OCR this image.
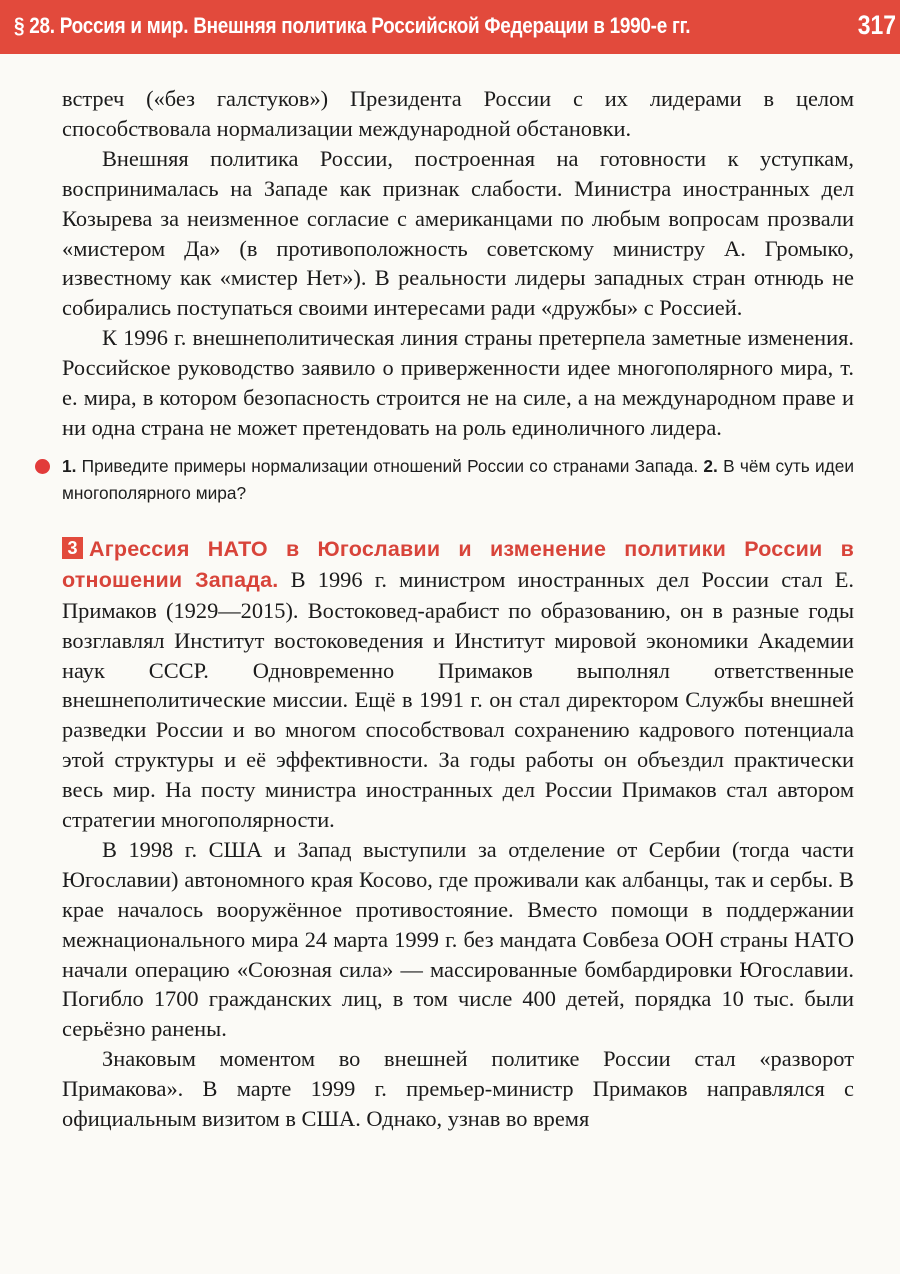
§ 28. Россия и мир. Внешняя политика Российской Федерации в 1990-е гг.	317

встреч («без галстуков») Президента России с их лидерами в целом способствовала нормализации международной обстановки.

Внешняя политика России, построенная на готовности к уступкам, воспринималась на Западе как признак слабости. Министра иностранных дел Козырева за неизменное согласие с американцами по любым вопросам прозвали «мистером Да» (в противоположность советскому министру А. Громыко, известному как «мистер Нет»). В реальности лидеры западных стран отнюдь не собирались поступаться своими интересами ради «дружбы» с Россией.

К 1996 г. внешнеполитическая линия страны претерпела заметные изменения. Российское руководство заявило о приверженности идее многополярного мира, т. е. мира, в котором безопасность строится не на силе, а на международном праве и ни одна страна не может претендовать на роль единоличного лидера.

1. Приведите примеры нормализации отношений России со странами Запада. 2. В чём суть идеи многополярного мира?

3 Агрессия НАТО в Югославии и изменение политики России в отношении Запада. В 1996 г. министром иностранных дел России стал Е. Примаков (1929—2015). Востоковед-арабист по образованию, он в разные годы возглавлял Институт востоковедения и Институт мировой экономики Академии наук СССР. Одновременно Примаков выполнял ответственные внешнеполитические миссии. Ещё в 1991 г. он стал директором Службы внешней разведки России и во многом способствовал сохранению кадрового потенциала этой структуры и её эффективности. За годы работы он объездил практически весь мир. На посту министра иностранных дел России Примаков стал автором стратегии многополярности.

В 1998 г. США и Запад выступили за отделение от Сербии (тогда части Югославии) автономного края Косово, где проживали как албанцы, так и сербы. В крае началось вооружённое противостояние. Вместо помощи в поддержании межнационального мира 24 марта 1999 г. без мандата Совбеза ООН страны НАТО начали операцию «Союзная сила» — массированные бомбардировки Югославии. Погибло 1700 гражданских лиц, в том числе 400 детей, порядка 10 тыс. были серьёзно ранены.

Знаковым моментом во внешней политике России стал «разворот Примакова». В марте 1999 г. премьер-министр Примаков направлялся с официальным визитом в США. Однако, узнав во время
